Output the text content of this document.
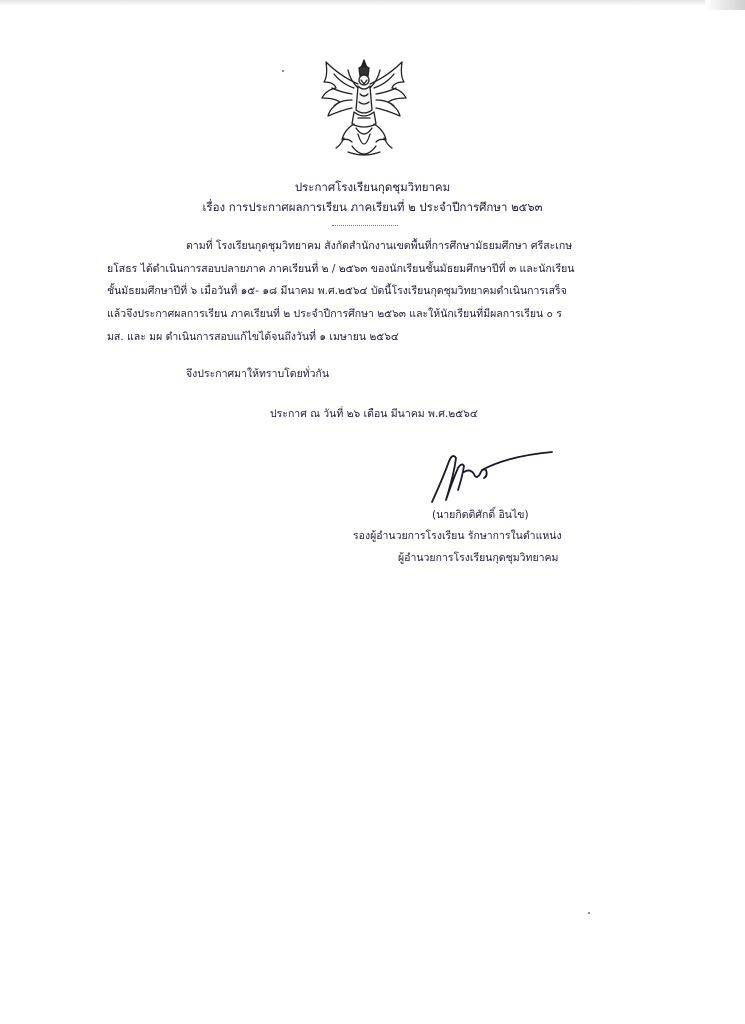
ประกาศโรงเรียนกุดชุมวิทยาคม
เรื่อง การประกาศผลการเรียน ภาคเรียนที่ ๒ ประจำปีการศึกษา ๒๕๖๓
ตามที่ โรงเรียนกุดชุมวิทยาคม สังกัดสำนักงานเขตพื้นที่การศึกษามัธยมศึกษา ศรีสะเกษ
ยโสธร ได้ดำเนินการสอบปลายภาค ภาคเรียนที่ ๒ / ๒๕๖๓ ของนักเรียนชั้นมัธยมศึกษาปีที่ ๓ และนักเรียน
ชั้นมัธยมศึกษาปีที่ ๖ เมื่อวันที่ ๑๕- ๑๘ มีนาคม พ.ศ.๒๕๖๔ บัดนี้โรงเรียนกุดชุมวิทยาคมดำเนินการเสร็จ
แล้วจึงประกาศผลการเรียน ภาคเรียนที่ ๒ ประจำปีการศึกษา ๒๕๖๓ และให้นักเรียนที่มีผลการเรียน ๐ ร
มส. และ มผ ดำเนินการสอบแก้ไขได้จนถึงวันที่ ๑ เมษายน ๒๕๖๔
จึงประกาศมาให้ทราบโดยทั่วกัน
ประกาศ ณ วันที่ ๒๖ เดือน มีนาคม พ.ศ.๒๕๖๔
(นายกิตติศักดิ์ อินไข)
รองผู้อำนวยการโรงเรียน รักษาการในตำแหน่ง
ผู้อำนวยการโรงเรียนกุดชุมวิทยาคม
